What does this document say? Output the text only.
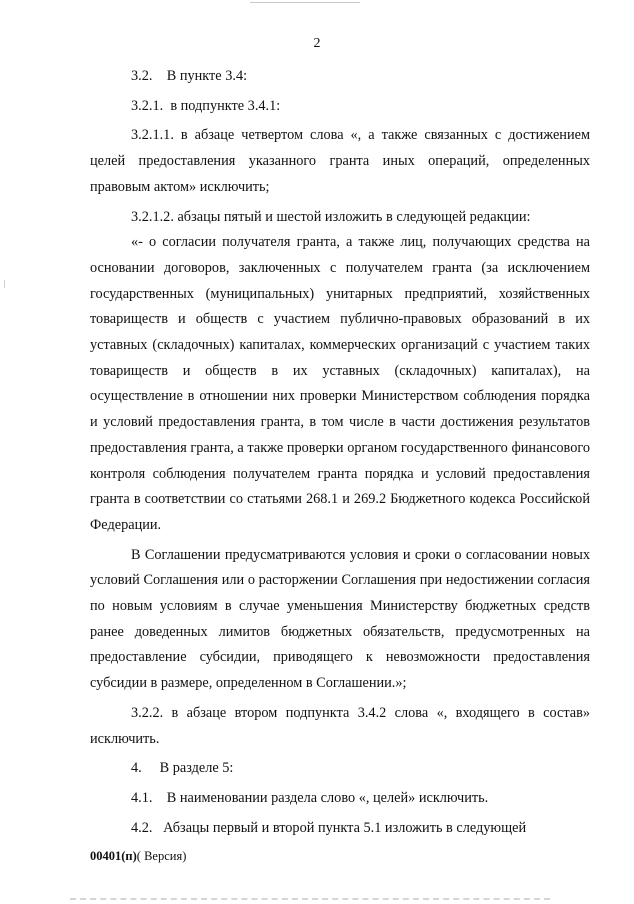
2

3.2.    В пункте 3.4:

3.2.1.  в подпункте 3.4.1:

3.2.1.1. в абзаце четвертом слова «, а также связанных с достижением целей предоставления указанного гранта иных операций, определенных правовым актом» исключить;

3.2.1.2. абзацы пятый и шестой изложить в следующей редакции:

«- о согласии получателя гранта, а также лиц, получающих средства на основании договоров, заключенных с получателем гранта (за исключением государственных (муниципальных) унитарных предприятий, хозяйственных товариществ и обществ с участием публично-правовых образований в их уставных (складочных) капиталах, коммерческих организаций с участием таких товариществ и обществ в их уставных (складочных) капиталах), на осуществление в отношении них проверки Министерством соблюдения порядка и условий предоставления гранта, в том числе в части достижения результатов предоставления гранта, а также проверки органом государственного финансового контроля соблюдения получателем гранта порядка и условий предоставления гранта в соответствии со статьями 268.1 и 269.2 Бюджетного кодекса Российской Федерации.

В Соглашении предусматриваются условия и сроки о согласовании новых условий Соглашения или о расторжении Соглашения при недостижении согласия по новым условиям в случае уменьшения Министерству бюджетных средств ранее доведенных лимитов бюджетных обязательств, предусмотренных на предоставление субсидии, приводящего к невозможности предоставления субсидии в размере, определенном в Соглашении.»;

3.2.2. в абзаце втором подпункта 3.4.2 слова «, входящего в состав» исключить.

4.     В разделе 5:

4.1.    В наименовании раздела слово «, целей» исключить.

4.2.   Абзацы первый и второй пункта 5.1 изложить в следующей

00401(п)( Версия)
